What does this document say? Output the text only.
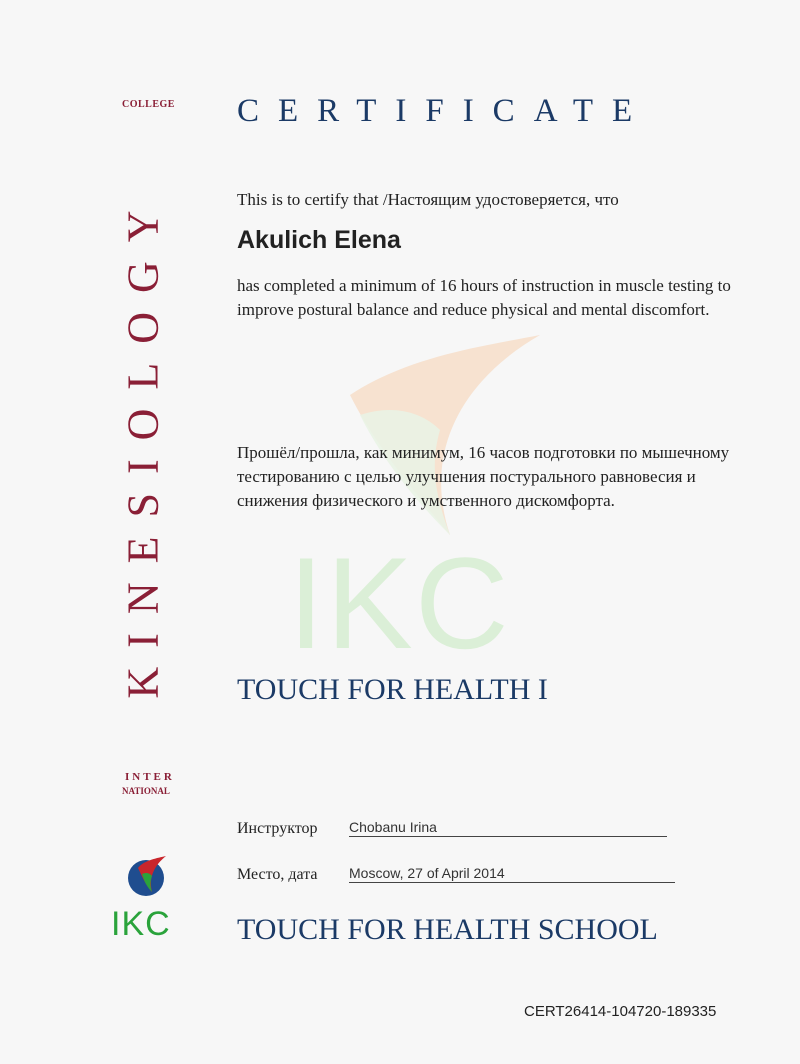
IKC
COLLEGE
KINESIOLOGY
INTER
NATIONAL
IKC
CERTIFICATE
This is to certify that /Настоящим удостоверяется, что
Akulich Elena
has completed a minimum of 16 hours of instruction in muscle testing to improve postural balance and reduce physical and mental discomfort.
Прошёл/прошла, как минимум, 16 часов подготовки по мышечному тестированию с целью улучшения постурального равновесия и снижения физического и умственного дискомфорта.
TOUCH FOR HEALTH I
Инструктор Chobanu Irina
Место, дата Moscow, 27 of April 2014
TOUCH FOR HEALTH SCHOOL
CERT26414-104720-189335
